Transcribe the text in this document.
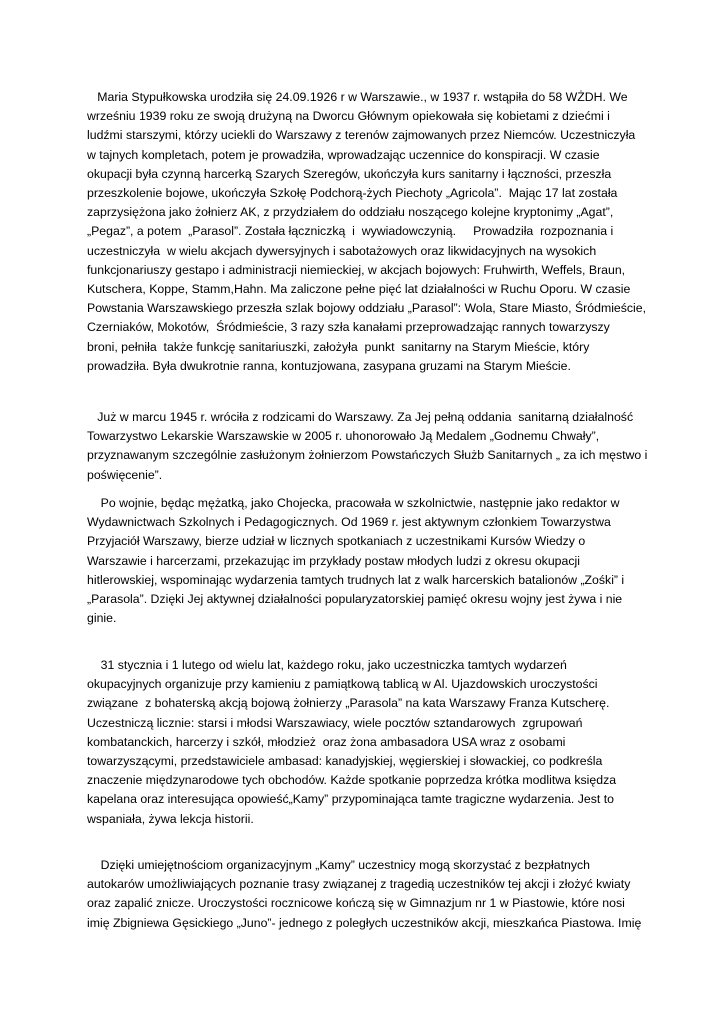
Maria Stypułkowska urodziła się 24.09.1926 r w Warszawie., w 1937 r. wstąpiła do 58 WŻDH. We
wrześniu 1939 roku ze swoją drużyną na Dworcu Głównym opiekowała się kobietami z dziećmi i
ludźmi starszymi, którzy uciekli do Warszawy z terenów zajmowanych przez Niemców. Uczestniczyła
w tajnych kompletach, potem je prowadziła, wprowadzając uczennice do konspiracji. W czasie
okupacji była czynną harcerką Szarych Szeregów, ukończyła kurs sanitarny i łączności, przeszła
przeszkolenie bojowe, ukończyła Szkołę Podchorą-żych Piechoty „Agricola”.  Mając 17 lat została
zaprzysiężona jako żołnierz AK, z przydziałem do oddziału noszącego kolejne kryptonimy „Agat”,
„Pegaz”, a potem  „Parasol”. Została łączniczką  i  wywiadowczynią.     Prowadziła  rozpoznania i
uczestniczyła  w wielu akcjach dywersyjnych i sabotażowych oraz likwidacyjnych na wysokich
funkcjonariuszy gestapo i administracji niemieckiej, w akcjach bojowych: Fruhwirth, Weffels, Braun,
Kutschera, Koppe, Stamm,Hahn. Ma zaliczone pełne pięć lat działalności w Ruchu Oporu. W czasie
Powstania Warszawskiego przeszła szlak bojowy oddziału „Parasol”: Wola, Stare Miasto, Śródmieście,
Czerniaków, Mokotów,  Śródmieście, 3 razy szła kanałami przeprowadzając rannych towarzyszy
broni, pełniła  także funkcję sanitariuszki, założyła  punkt  sanitarny na Starym Mieście, który
prowadziła. Była dwukrotnie ranna, kontuzjowana, zasypana gruzami na Starym Mieście.
Już w marcu 1945 r. wróciła z rodzicami do Warszawy. Za Jej pełną oddania  sanitarną działalność
Towarzystwo Lekarskie Warszawskie w 2005 r. uhonorowało Ją Medalem „Godnemu Chwały”,
przyznawanym szczególnie zasłużonym żołnierzom Powstańczych Służb Sanitarnych „ za ich męstwo i
poświęcenie”.
Po wojnie, będąc mężatką, jako Chojecka, pracowała w szkolnictwie, następnie jako redaktor w
Wydawnictwach Szkolnych i Pedagogicznych. Od 1969 r. jest aktywnym członkiem Towarzystwa
Przyjaciół Warszawy, bierze udział w licznych spotkaniach z uczestnikami Kursów Wiedzy o
Warszawie i harcerzami, przekazując im przykłady postaw młodych ludzi z okresu okupacji
hitlerowskiej, wspominając wydarzenia tamtych trudnych lat z walk harcerskich batalionów „Zośki” i
„Parasola”. Dzięki Jej aktywnej działalności popularyzatorskiej pamięć okresu wojny jest żywa i nie
ginie.
31 stycznia i 1 lutego od wielu lat, każdego roku, jako uczestniczka tamtych wydarzeń
okupacyjnych organizuje przy kamieniu z pamiątkową tablicą w Al. Ujazdowskich uroczystości
związane  z bohaterską akcją bojową żołnierzy „Parasola” na kata Warszawy Franza Kutscherę.
Uczestniczą licznie: starsi i młodsi Warszawiacy, wiele pocztów sztandarowych  zgrupowań
kombatanckich, harcerzy i szkół, młodzież  oraz żona ambasadora USA wraz z osobami
towarzyszącymi, przedstawiciele ambasad: kanadyjskiej, węgierskiej i słowackiej, co podkreśla
znaczenie międzynarodowe tych obchodów. Każde spotkanie poprzedza krótka modlitwa księdza
kapelana oraz interesująca opowieść„Kamy” przypominająca tamte tragiczne wydarzenia. Jest to
wspaniała, żywa lekcja historii.
Dzięki umiejętnościom organizacyjnym „Kamy” uczestnicy mogą skorzystać z bezpłatnych
autokarów umożliwiających poznanie trasy związanej z tragedią uczestników tej akcji i złożyć kwiaty
oraz zapalić znicze. Uroczystości rocznicowe kończą się w Gimnazjum nr 1 w Piastowie, które nosi
imię Zbigniewa Gęsickiego „Juno”- jednego z poległych uczestników akcji, mieszkańca Piastowa. Imię
